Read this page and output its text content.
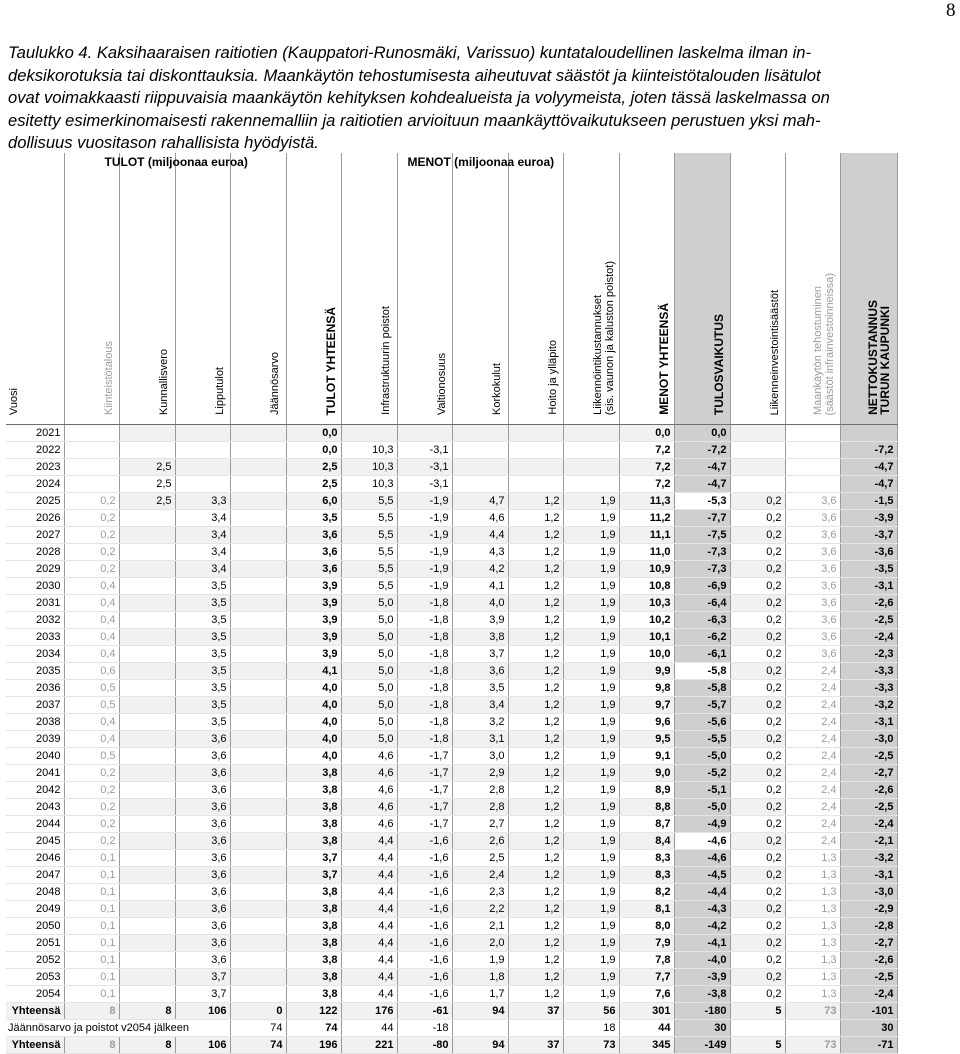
8
Taulukko 4. Kaksihaaraisen raitiotien (Kauppatori-Runosmäki, Varissuo) kuntataloudellinen laskelma ilman in-
deksikorotuksia tai diskonttauksia. Maankäytön tehostumisesta aiheutuvat säästöt ja kiinteistötalouden lisätulot
ovat voimakkaasti riippuvaisia maankäytön kehityksen kohdealueista ja volyymeista, joten tässä laskelmassa on
esitetty esimerkinomaisesti rakennemalliin ja raitiotien arvioituun maankäyttövaikutukseen perustuen yksi mah-
dollisuus vuositason rahallisista hyödyistä.
Vuosi	TULOT (miljoonaa euroa)
Kiinteistötalous	Kunnallisvero	Lipputulot	Jäännösarvo	TULOT YHTEENSÄ	MENOT (miljoonaa euroa)
Infrastruktuurin poistot	Valtionosuus	Korkokulut	Hoito ja ylläpito	Liikennöintikustannukset(sis. vaunon ja kaluston poistot)	MENOT YHTEENSÄ	TULOSVAIKUTUS	Liikenneinvestointisäästöt	Maankäytön tehostuminen(säästöt infrainvestoinneissa)	NETTOKUSTANNUSTURUN KAUPUNKI

2021					0,0						0,0	0,0			
2022					0,0	10,3	-3,1				7,2	-7,2			-7,2
2023		2,5			2,5	10,3	-3,1				7,2	-4,7			-4,7
2024		2,5			2,5	10,3	-3,1				7,2	-4,7			-4,7
2025	0,2	2,5	3,3		6,0	5,5	-1,9	4,7	1,2	1,9	11,3	-5,3	0,2	3,6	-1,5
2026	0,2		3,4		3,5	5,5	-1,9	4,6	1,2	1,9	11,2	-7,7	0,2	3,6	-3,9
2027	0,2		3,4		3,6	5,5	-1,9	4,4	1,2	1,9	11,1	-7,5	0,2	3,6	-3,7
2028	0,2		3,4		3,6	5,5	-1,9	4,3	1,2	1,9	11,0	-7,3	0,2	3,6	-3,6
2029	0,2		3,4		3,6	5,5	-1,9	4,2	1,2	1,9	10,9	-7,3	0,2	3,6	-3,5
2030	0,4		3,5		3,9	5,5	-1,9	4,1	1,2	1,9	10,8	-6,9	0,2	3,6	-3,1
2031	0,4		3,5		3,9	5,0	-1,8	4,0	1,2	1,9	10,3	-6,4	0,2	3,6	-2,6
2032	0,4		3,5		3,9	5,0	-1,8	3,9	1,2	1,9	10,2	-6,3	0,2	3,6	-2,5
2033	0,4		3,5		3,9	5,0	-1,8	3,8	1,2	1,9	10,1	-6,2	0,2	3,6	-2,4
2034	0,4		3,5		3,9	5,0	-1,8	3,7	1,2	1,9	10,0	-6,1	0,2	3,6	-2,3
2035	0,6		3,5		4,1	5,0	-1,8	3,6	1,2	1,9	9,9	-5,8	0,2	2,4	-3,3
2036	0,5		3,5		4,0	5,0	-1,8	3,5	1,2	1,9	9,8	-5,8	0,2	2,4	-3,3
2037	0,5		3,5		4,0	5,0	-1,8	3,4	1,2	1,9	9,7	-5,7	0,2	2,4	-3,2
2038	0,4		3,5		4,0	5,0	-1,8	3,2	1,2	1,9	9,6	-5,6	0,2	2,4	-3,1
2039	0,4		3,6		4,0	5,0	-1,8	3,1	1,2	1,9	9,5	-5,5	0,2	2,4	-3,0
2040	0,5		3,6		4,0	4,6	-1,7	3,0	1,2	1,9	9,1	-5,0	0,2	2,4	-2,5
2041	0,2		3,6		3,8	4,6	-1,7	2,9	1,2	1,9	9,0	-5,2	0,2	2,4	-2,7
2042	0,2		3,6		3,8	4,6	-1,7	2,8	1,2	1,9	8,9	-5,1	0,2	2,4	-2,6
2043	0,2		3,6		3,8	4,6	-1,7	2,8	1,2	1,9	8,8	-5,0	0,2	2,4	-2,5
2044	0,2		3,6		3,8	4,6	-1,7	2,7	1,2	1,9	8,7	-4,9	0,2	2,4	-2,4
2045	0,2		3,6		3,8	4,4	-1,6	2,6	1,2	1,9	8,4	-4,6	0,2	2,4	-2,1
2046	0,1		3,6		3,7	4,4	-1,6	2,5	1,2	1,9	8,3	-4,6	0,2	1,3	-3,2
2047	0,1		3,6		3,7	4,4	-1,6	2,4	1,2	1,9	8,3	-4,5	0,2	1,3	-3,1
2048	0,1		3,6		3,8	4,4	-1,6	2,3	1,2	1,9	8,2	-4,4	0,2	1,3	-3,0
2049	0,1		3,6		3,8	4,4	-1,6	2,2	1,2	1,9	8,1	-4,3	0,2	1,3	-2,9
2050	0,1		3,6		3,8	4,4	-1,6	2,1	1,2	1,9	8,0	-4,2	0,2	1,3	-2,8
2051	0,1		3,6		3,8	4,4	-1,6	2,0	1,2	1,9	7,9	-4,1	0,2	1,3	-2,7
2052	0,1		3,6		3,8	4,4	-1,6	1,9	1,2	1,9	7,8	-4,0	0,2	1,3	-2,6
2053	0,1		3,7		3,8	4,4	-1,6	1,8	1,2	1,9	7,7	-3,9	0,2	1,3	-2,5
2054	0,1		3,7		3,8	4,4	-1,6	1,7	1,2	1,9	7,6	-3,8	0,2	1,3	-2,4
Yhteensä	8	8	106	0	122	176	-61	94	37	56	301	-180	5	73	-101
Jäännösarvo ja poistot v2054 jälkeen				74	74	44	-18			18	44	30			30
Yhteensä	8	8	106	74	196	221	-80	94	37	73	345	-149	5	73	-71
